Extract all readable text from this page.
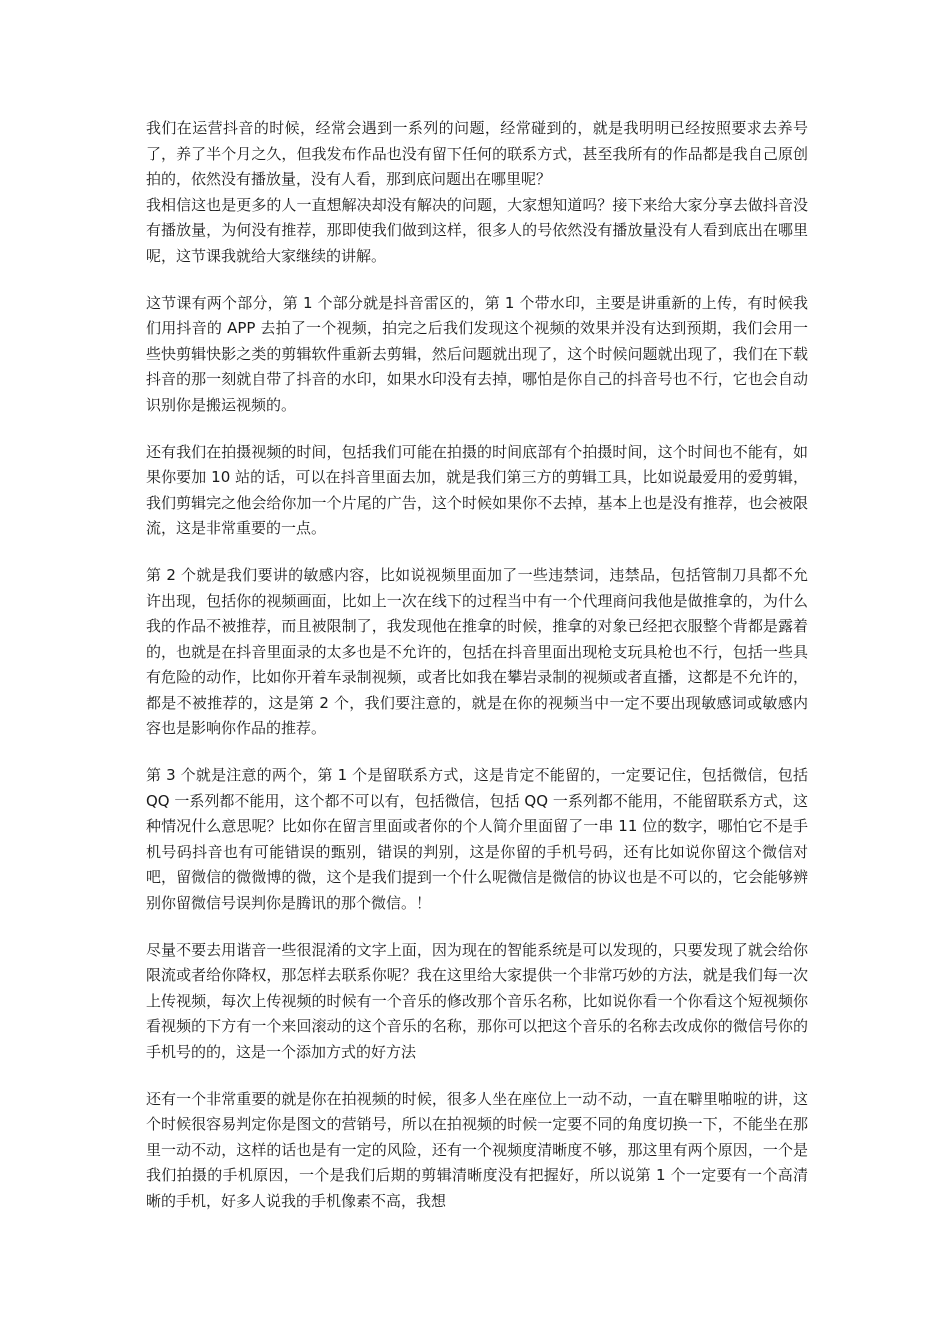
我们在运营抖音的时候，经常会遇到一系列的问题，经常碰到的，就是我明明已经按照要求去养号了，养了半个月之久，但我发布作品也没有留下任何的联系方式，甚至我所有的作品都是我自己原创拍的，依然没有播放量，没有人看，那到底问题出在哪里呢？

我相信这也是更多的人一直想解决却没有解决的问题，大家想知道吗？接下来给大家分享去做抖音没有播放量，为何没有推荐，那即使我们做到这样，很多人的号依然没有播放量没有人看到底出在哪里呢，这节课我就给大家继续的讲解。

这节课有两个部分，第 1 个部分就是抖音雷区的，第 1 个带水印，主要是讲重新的上传，有时候我们用抖音的 APP 去拍了一个视频，拍完之后我们发现这个视频的效果并没有达到预期，我们会用一些快剪辑快影之类的剪辑软件重新去剪辑，然后问题就出现了，这个时候问题就出现了，我们在下载抖音的那一刻就自带了抖音的水印，如果水印没有去掉，哪怕是你自己的抖音号也不行，它也会自动识别你是搬运视频的。

还有我们在拍摄视频的时间，包括我们可能在拍摄的时间底部有个拍摄时间，这个时间也不能有，如果你要加 10 站的话，可以在抖音里面去加，就是我们第三方的剪辑工具，比如说最爱用的爱剪辑，我们剪辑完之他会给你加一个片尾的广告，这个时候如果你不去掉，基本上也是没有推荐，也会被限流，这是非常重要的一点。

第 2 个就是我们要讲的敏感内容，比如说视频里面加了一些违禁词，违禁品，包括管制刀具都不允许出现，包括你的视频画面，比如上一次在线下的过程当中有一个代理商问我他是做推拿的，为什么我的作品不被推荐，而且被限制了，我发现他在推拿的时候，推拿的对象已经把衣服整个背都是露着的，也就是在抖音里面录的太多也是不允许的，包括在抖音里面出现枪支玩具枪也不行，包括一些具有危险的动作，比如你开着车录制视频，或者比如我在攀岩录制的视频或者直播，这都是不允许的，都是不被推荐的，这是第 2 个，我们要注意的，就是在你的视频当中一定不要出现敏感词或敏感内容也是影响你作品的推荐。

第 3 个就是注意的两个，第 1 个是留联系方式，这是肯定不能留的，一定要记住，包括微信，包括 QQ 一系列都不能用，这个都不可以有，包括微信，包括 QQ 一系列都不能用，不能留联系方式，这种情况什么意思呢？比如你在留言里面或者你的个人简介里面留了一串 11 位的数字，哪怕它不是手机号码抖音也有可能错误的甄别，错误的判别，这是你留的手机号码，还有比如说你留这个微信对吧，留微信的微微博的微，这个是我们提到一个什么呢微信是微信的协议也是不可以的，它会能够辨别你留微信号误判你是腾讯的那个微信。！

尽量不要去用谐音一些很混淆的文字上面，因为现在的智能系统是可以发现的，只要发现了就会给你限流或者给你降权，那怎样去联系你呢？我在这里给大家提供一个非常巧妙的方法，就是我们每一次上传视频，每次上传视频的时候有一个音乐的修改那个音乐名称，比如说你看一个你看这个短视频你看视频的下方有一个来回滚动的这个音乐的名称，那你可以把这个音乐的名称去改成你的微信号你的手机号的的，这是一个添加方式的好方法

还有一个非常重要的就是你在拍视频的时候，很多人坐在座位上一动不动，一直在噼里啪啦的讲，这个时候很容易判定你是图文的营销号，所以在拍视频的时候一定要不同的角度切换一下，不能坐在那里一动不动，这样的话也是有一定的风险，还有一个视频度清晰度不够，那这里有两个原因，一个是我们拍摄的手机原因，一个是我们后期的剪辑清晰度没有把握好，所以说第 1 个一定要有一个高清晰的手机，好多人说我的手机像素不高，我想
